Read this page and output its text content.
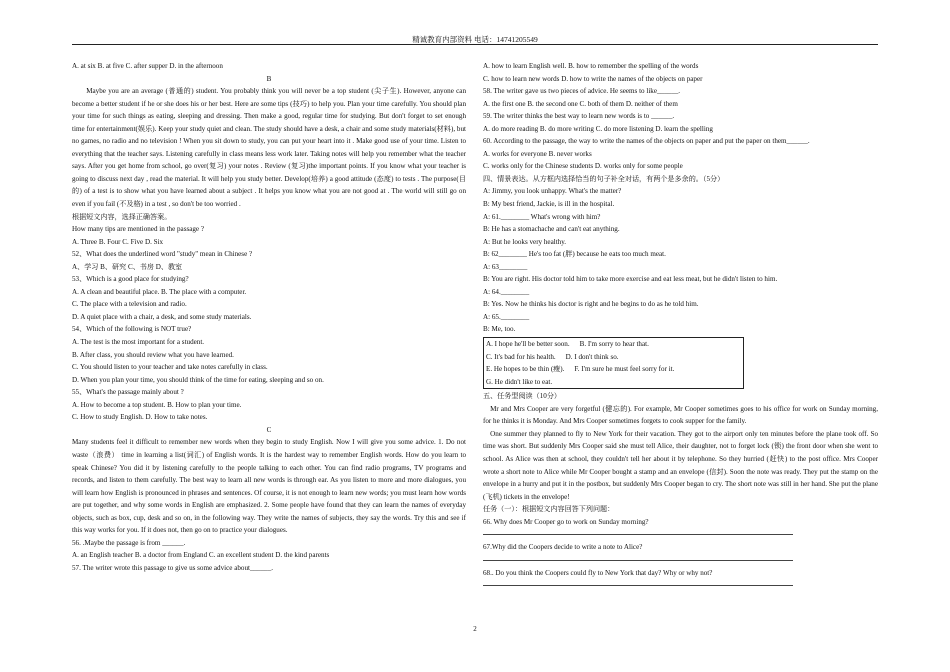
精诚教育内部资料 电话：14741205549

A. at six B. at five C. after supper D. in the afternoon

B

Maybe you are an average (普通的) student. You probably think you will never be a top student (尖子生). However, anyone can become a better student if he or she does his or her best. Here are some tips (技巧) to help you. Plan your time carefully. You should plan your time for such things as eating, sleeping and dressing. Then make a good, regular time for studying. But don't forget to set enough time for entertainment(娱乐). Keep your study quiet and clean. The study should have a desk, a chair and some study materials(材料), but no games, no radio and no television ! When you sit down to study, you can put your heart into it . Make good use of your time. Listen to everything that the teacher says. Listening carefully in class means less work later. Taking notes will help you remember what the teacher says. After you get home from school, go over(复习) your notes . Review (复习)the important points. If you know what your teacher is going to discuss next day , read the material. It will help you study better. Develop(培养) a good attitude (态度) to tests . The purpose(目的) of a test is to show what you have learned about a subject . It helps you know what you are not good at . The world will still go on even if you fail (不及格) in a test , so don't be too worried .

根据短文内容，选择正确答案。

How many tips are mentioned in the passage ?

A. Three B. Four C. Five D. Six

52、What does the underlined word "study" mean in Chinese ?

A、学习 B、研究 C、书房 D、教室

53、Which is a good place for studying?

A. A clean and beautiful place. B. The place with a computer.

C. The place with a television and radio.

D. A quiet place with a chair, a desk, and some study materials.

54、Which of the following is NOT true?

A. The test is the most important for a student.

B. After class, you should review what you have learned.

C. You should listen to your teacher and take notes carefully in class.

D. When you plan your time, you should think of the time for eating, sleeping and so on.

55、What's the passage mainly about ?

A. How to become a top student. B. How to plan your time.

C. How to study English. D. How to take notes.

C

Many students feel it difficult to remember new words when they begin to study English. Now I will give you some advice. 1. Do not waste（浪费） time in learning a list(词汇) of English words. It is the hardest way to remember English words. How do you learn to speak Chinese? You did it by listening carefully to the people talking to each other. You can find radio programs, TV programs and records, and listen to them carefully. The best way to learn all new words is through ear. As you listen to more and more dialogues, you will learn how English is pronounced in phrases and sentences. Of course, it is not enough to learn new words; you must learn how words are put together, and why some words in English are emphasized. 2. Some people have found that they can learn the names of everyday objects, such as box, cup, desk and so on, in the following way. They write the names of subjects, they say the words. Try this and see if this way works for you. If it does not, then go on to practice your dialogues.

56. .Maybe the passage is from ______.

A. an English teacher B. a doctor from England C. an excellent student D. the kind parents

57. The writer wrote this passage to give us some advice about______.

A. how to learn English well. B. how to remember the spelling of the words

C. how to learn new words D. how to write the names of the objects on paper

58. The writer gave us two pieces of advice. He seems to like______.

A. the first one B. the second one C. both of them D. neither of them

59. The writer thinks the best way to learn new words is to ______.

A. do more reading B. do more writing C. do more listening D. learn the spelling

60. According to the passage, the way to write the names of the objects on paper and put the paper on them______.

A. works for everyone B. never works

C. works only for the Chinese students D. works only for some people

四、情景表达。从方框内选择恰当的句子补全对话，有两个是多余的。（5分）

A: Jimmy, you look unhappy. What's the matter?

B: My best friend, Jackie, is ill in the hospital.

A: 61.________ What's wrong with him?

B: He has a stomachache and can't eat anything.

A: But he looks very healthy.

B: 62________ He's too fat (胖) because he eats too much meat.

A: 63________

B: You are right. His doctor told him to take more exercise and eat less meat, but he didn't listen to him.

A: 64.________

B: Yes. Now he thinks his doctor is right and he begins to do as he told him.

A: 65.________

B: Me, too.

A. I hope he'll be better soon. B. I'm sorry to hear that.

C. It's bad for his health. D. I don't think so.

E. He hopes to be thin (瘦). F. I'm sure he must feel sorry for it.

G. He didn't like to eat.

五、任务型阅读（10分）

Mr and Mrs Cooper are very forgetful (健忘的). For example, Mr Cooper sometimes goes to his office for work on Sunday morning, for he thinks it is Monday. And Mrs Cooper sometimes forgets to cook supper for the family.

One summer they planned to fly to New York for their vacation. They got to the airport only ten minutes before the plane took off. So time was short. But suddenly Mrs Cooper said she must tell Alice, their daughter, not to forget lock (锁) the front door when she went to school. As Alice was then at school, they couldn't tell her about it by telephone. So they hurried (赶快) to the post office. Mrs Cooper wrote a short note to Alice while Mr Cooper bought a stamp and an envelope (信封). Soon the note was ready. They put the stamp on the envelope in a hurry and put it in the postbox, but suddenly Mrs Cooper began to cry. The short note was still in her hand. She put the plane (飞机) tickets in the envelope!

任务（一）：根据短文内容回答下列问题：

66. Why does Mr Cooper go to work on Sunday morning?

67.Why did the Coopers decide to write a note to Alice?

68.. Do you think the Coopers could fly to New York that day? Why or why not?

2
